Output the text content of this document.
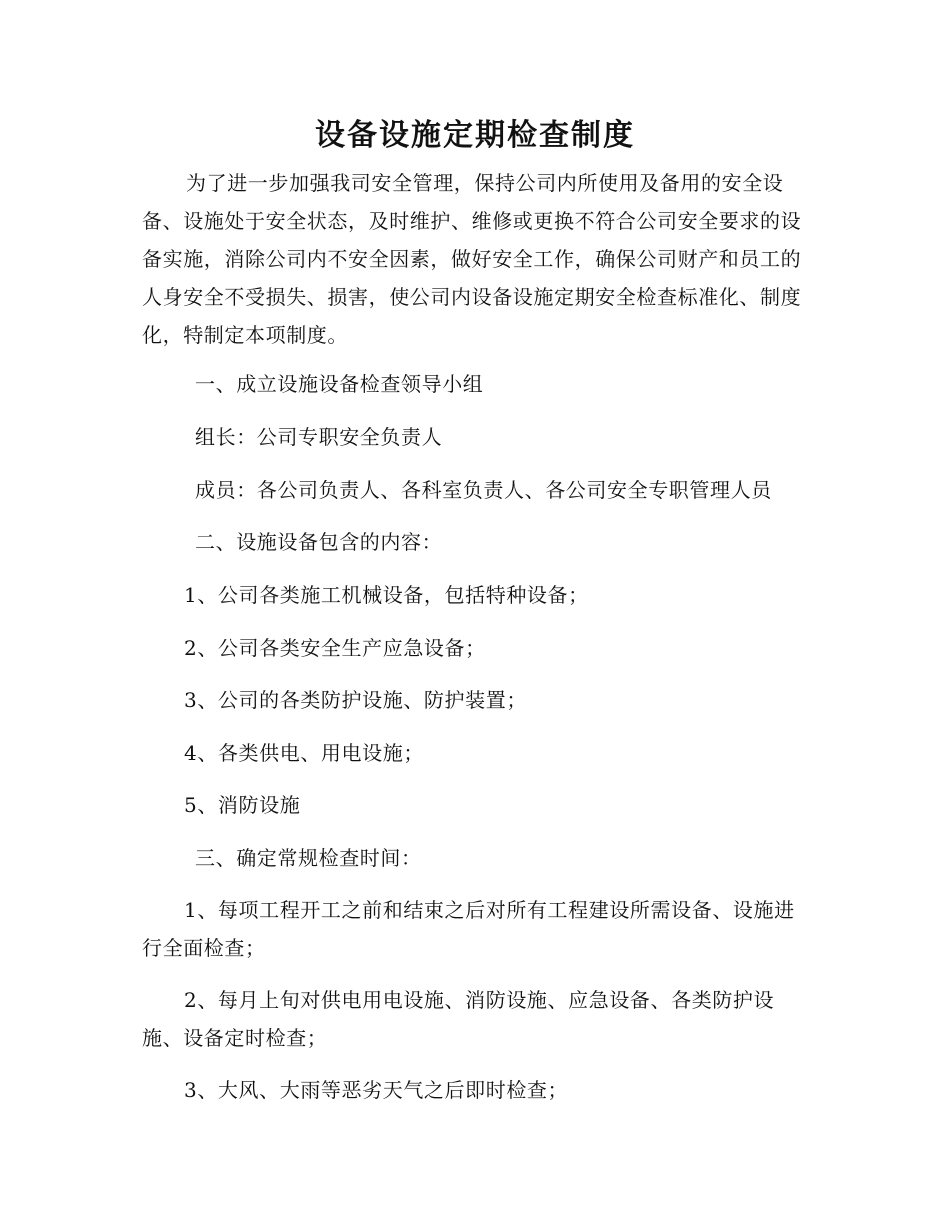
设备设施定期检查制度

为了进一步加强我司安全管理，保持公司内所使用及备用的安全设备、设施处于安全状态，及时维护、维修或更换不符合公司安全要求的设备实施，消除公司内不安全因素，做好安全工作，确保公司财产和员工的人身安全不受损失、损害，使公司内设备设施定期安全检查标准化、制度化，特制定本项制度。

一、成立设施设备检查领导小组

组长：公司专职安全负责人

成员：各公司负责人、各科室负责人、各公司安全专职管理人员

二、设施设备包含的内容：

1、公司各类施工机械设备，包括特种设备；

2、公司各类安全生产应急设备；

3、公司的各类防护设施、防护装置；

4、各类供电、用电设施；

5、消防设施

三、确定常规检查时间：

1、每项工程开工之前和结束之后对所有工程建设所需设备、设施进行全面检查；

2、每月上旬对供电用电设施、消防设施、应急设备、各类防护设施、设备定时检查；

3、大风、大雨等恶劣天气之后即时检查；
